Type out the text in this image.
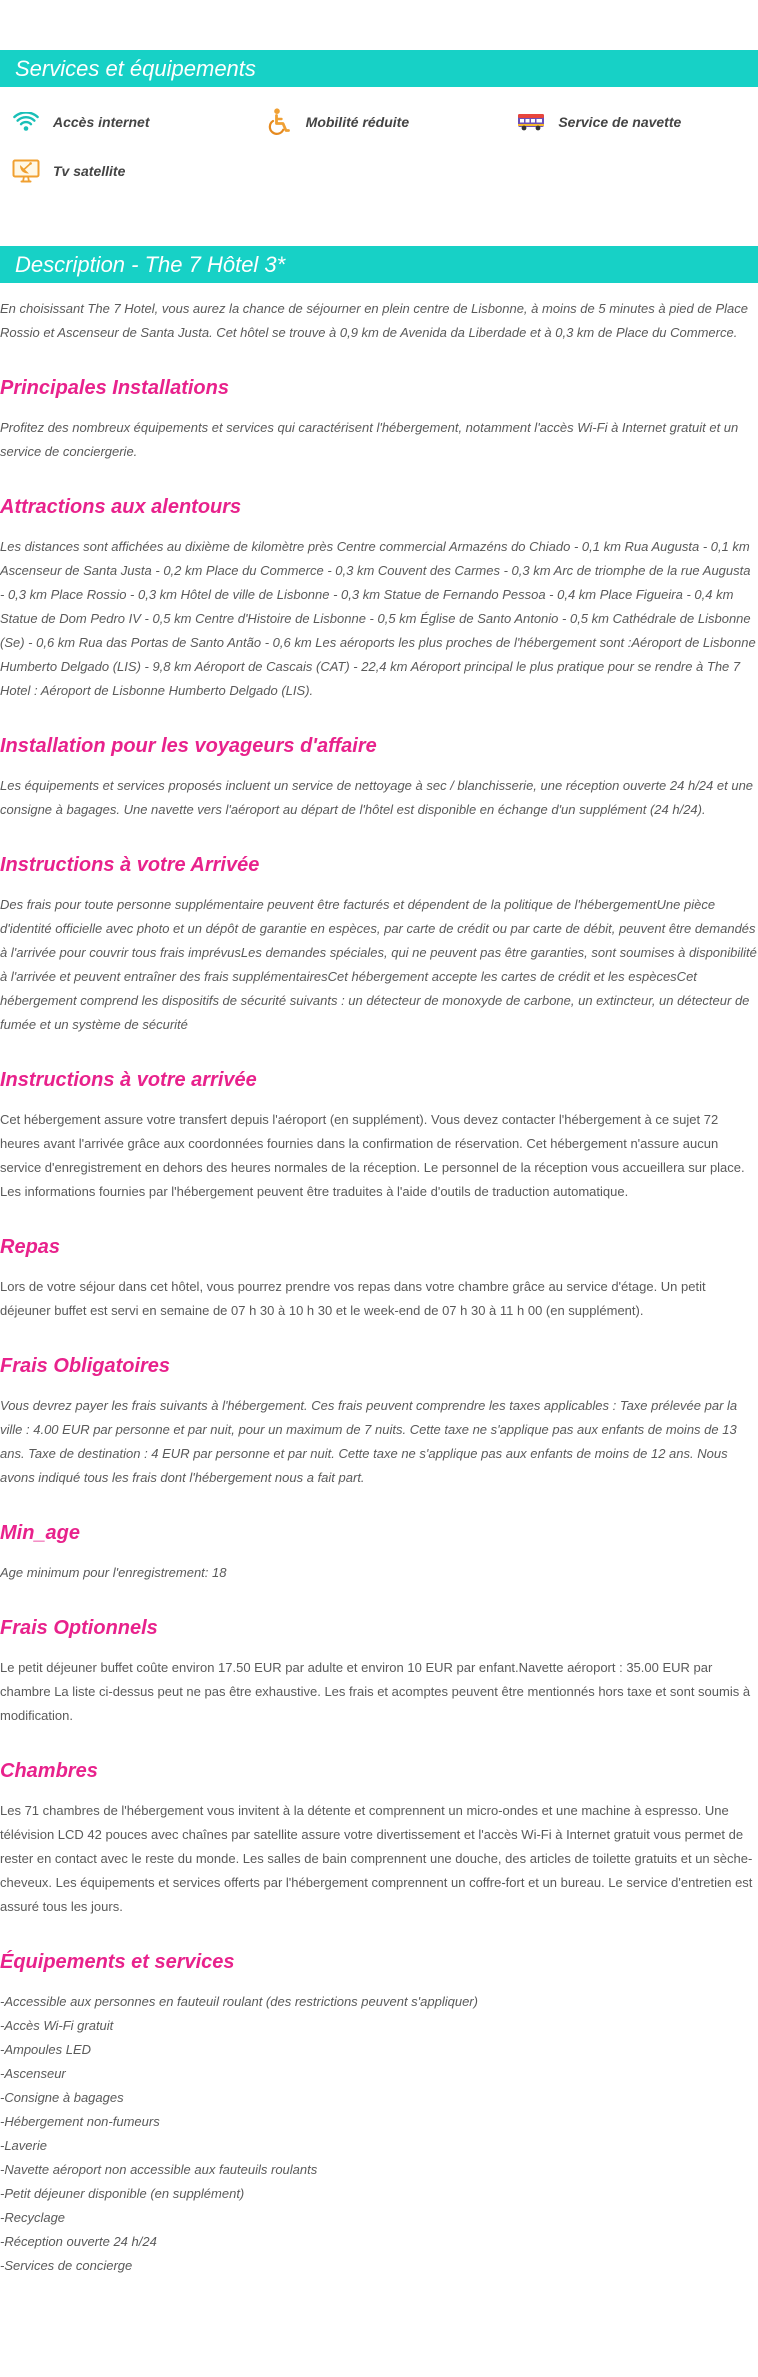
Services et équipements
Accès internet	Mobilité réduite	Service de navette
Tv satellite
Description - The 7 Hôtel 3*

En choisissant The 7 Hotel, vous aurez la chance de séjourner en plein centre de Lisbonne, à moins de 5 minutes à pied de Place Rossio et Ascenseur de Santa Justa. Cet hôtel se trouve à 0,9 km de Avenida da Liberdade et à 0,3 km de Place du Commerce.

Principales Installations

Profitez des nombreux équipements et services qui caractérisent l'hébergement, notamment l'accès Wi-Fi à Internet gratuit et un service de conciergerie.

Attractions aux alentours

Les distances sont affichées au dixième de kilomètre près Centre commercial Armazéns do Chiado - 0,1 km Rua Augusta - 0,1 km Ascenseur de Santa Justa - 0,2 km Place du Commerce - 0,3 km Couvent des Carmes - 0,3 km Arc de triomphe de la rue Augusta - 0,3 km Place Rossio - 0,3 km Hôtel de ville de Lisbonne - 0,3 km Statue de Fernando Pessoa - 0,4 km Place Figueira - 0,4 km Statue de Dom Pedro IV - 0,5 km Centre d'Histoire de Lisbonne - 0,5 km Église de Santo Antonio - 0,5 km Cathédrale de Lisbonne (Se) - 0,6 km Rua das Portas de Santo Antão - 0,6 km Les aéroports les plus proches de l'hébergement sont :Aéroport de Lisbonne Humberto Delgado (LIS) - 9,8 km Aéroport de Cascais (CAT) - 22,4 km Aéroport principal le plus pratique pour se rendre à The 7 Hotel : Aéroport de Lisbonne Humberto Delgado (LIS).

Installation pour les voyageurs d'affaire

Les équipements et services proposés incluent un service de nettoyage à sec / blanchisserie, une réception ouverte 24 h/24 et une consigne à bagages. Une navette vers l'aéroport au départ de l'hôtel est disponible en échange d'un supplément (24 h/24).

Instructions à votre Arrivée

Des frais pour toute personne supplémentaire peuvent être facturés et dépendent de la politique de l'hébergementUne pièce d'identité officielle avec photo et un dépôt de garantie en espèces, par carte de crédit ou par carte de débit, peuvent être demandés à l'arrivée pour couvrir tous frais imprévusLes demandes spéciales, qui ne peuvent pas être garanties, sont soumises à disponibilité à l'arrivée et peuvent entraîner des frais supplémentairesCet hébergement accepte les cartes de crédit et les espècesCet hébergement comprend les dispositifs de sécurité suivants : un détecteur de monoxyde de carbone, un extincteur, un détecteur de fumée et un système de sécurité

Instructions à votre arrivée

Cet hébergement assure votre transfert depuis l'aéroport (en supplément). Vous devez contacter l'hébergement à ce sujet 72 heures avant l'arrivée grâce aux coordonnées fournies dans la confirmation de réservation. Cet hébergement n'assure aucun service d'enregistrement en dehors des heures normales de la réception. Le personnel de la réception vous accueillera sur place. Les informations fournies par l'hébergement peuvent être traduites à l'aide d'outils de traduction automatique.

Repas

Lors de votre séjour dans cet hôtel, vous pourrez prendre vos repas dans votre chambre grâce au service d'étage. Un petit déjeuner buffet est servi en semaine de 07 h 30 à 10 h 30 et le week-end de 07 h 30 à 11 h 00 (en supplément).

Frais Obligatoires

Vous devrez payer les frais suivants à l'hébergement. Ces frais peuvent comprendre les taxes applicables : Taxe prélevée par la ville : 4.00 EUR par personne et par nuit, pour un maximum de 7 nuits. Cette taxe ne s'applique pas aux enfants de moins de 13 ans. Taxe de destination : 4 EUR par personne et par nuit. Cette taxe ne s'applique pas aux enfants de moins de 12 ans. Nous avons indiqué tous les frais dont l'hébergement nous a fait part.

Min_age

Age minimum pour l'enregistrement: 18

Frais Optionnels

Le petit déjeuner buffet coûte environ 17.50 EUR par adulte et environ 10 EUR par enfant.Navette aéroport : 35.00 EUR par chambre La liste ci-dessus peut ne pas être exhaustive. Les frais et acomptes peuvent être mentionnés hors taxe et sont soumis à modification.

Chambres

Les 71 chambres de l'hébergement vous invitent à la détente et comprennent un micro-ondes et une machine à espresso. Une télévision LCD 42 pouces avec chaînes par satellite assure votre divertissement et l'accès Wi-Fi à Internet gratuit vous permet de rester en contact avec le reste du monde. Les salles de bain comprennent une douche, des articles de toilette gratuits et un sèche-cheveux. Les équipements et services offerts par l'hébergement comprennent un coffre-fort et un bureau. Le service d'entretien est assuré tous les jours.

Équipements et services
-Accessible aux personnes en fauteuil roulant (des restrictions peuvent s'appliquer)
-Accès Wi-Fi gratuit
-Ampoules LED
-Ascenseur
-Consigne à bagages
-Hébergement non-fumeurs
-Laverie
-Navette aéroport non accessible aux fauteuils roulants
-Petit déjeuner disponible (en supplément)
-Recyclage
-Réception ouverte 24 h/24
-Services de concierge
